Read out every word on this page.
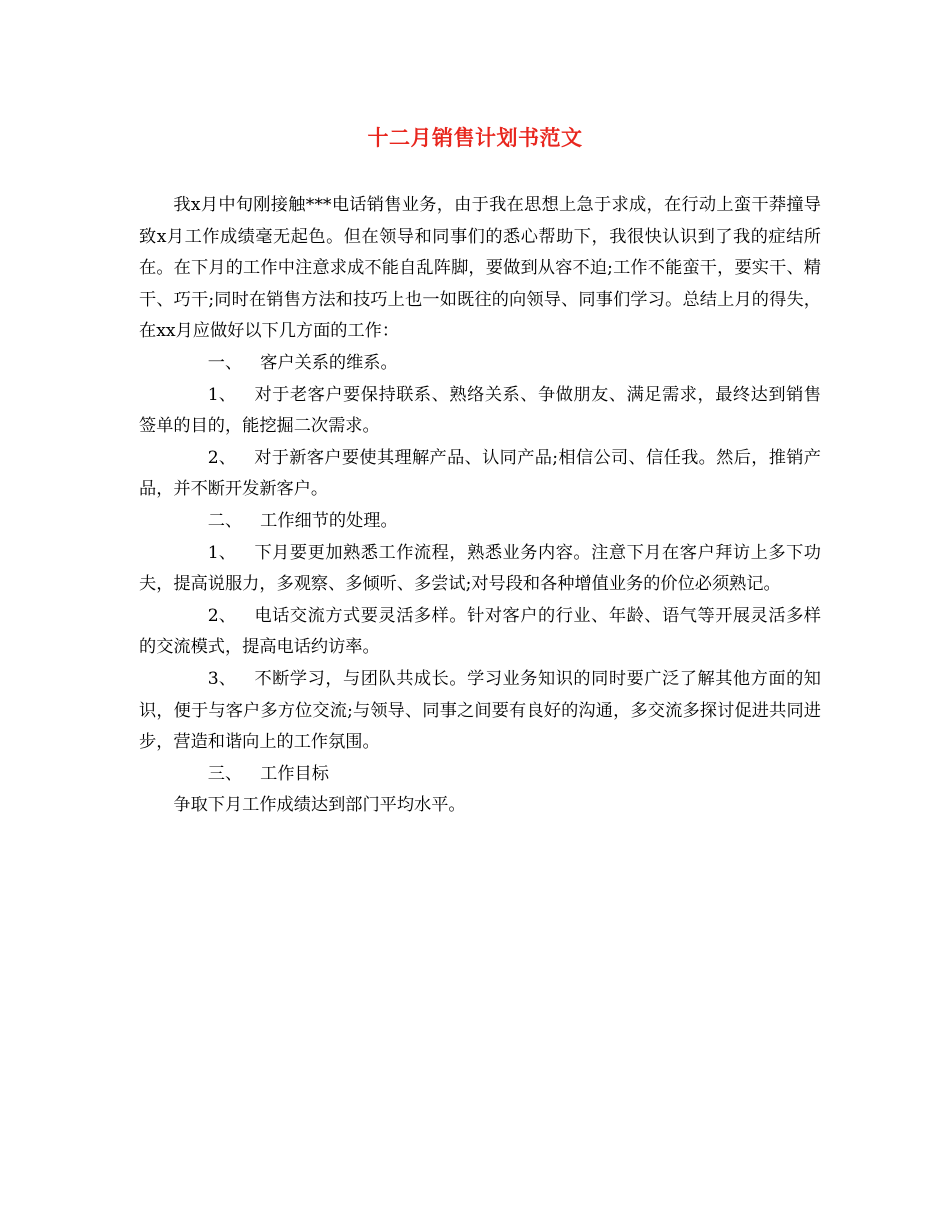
十二月销售计划书范文

我x月中旬刚接触***电话销售业务，由于我在思想上急于求成，在行动上蛮干莽撞导致x月工作成绩毫无起色。但在领导和同事们的悉心帮助下，我很快认识到了我的症结所在。在下月的工作中注意求成不能自乱阵脚，要做到从容不迫;工作不能蛮干，要实干、精干、巧干;同时在销售方法和技巧上也一如既往的向领导、同事们学习。总结上月的得失，在xx月应做好以下几方面的工作：

一、 客户关系的维系。

1、 对于老客户要保持联系、熟络关系、争做朋友、满足需求，最终达到销售签单的目的，能挖掘二次需求。

2、 对于新客户要使其理解产品、认同产品;相信公司、信任我。然后，推销产品，并不断开发新客户。

二、 工作细节的处理。

1、 下月要更加熟悉工作流程，熟悉业务内容。注意下月在客户拜访上多下功夫，提高说服力，多观察、多倾听、多尝试;对号段和各种增值业务的价位必须熟记。

2、 电话交流方式要灵活多样。针对客户的行业、年龄、语气等开展灵活多样的交流模式，提高电话约访率。

3、 不断学习，与团队共成长。学习业务知识的同时要广泛了解其他方面的知识，便于与客户多方位交流;与领导、同事之间要有良好的沟通，多交流多探讨促进共同进步，营造和谐向上的工作氛围。

三、 工作目标

争取下月工作成绩达到部门平均水平。
